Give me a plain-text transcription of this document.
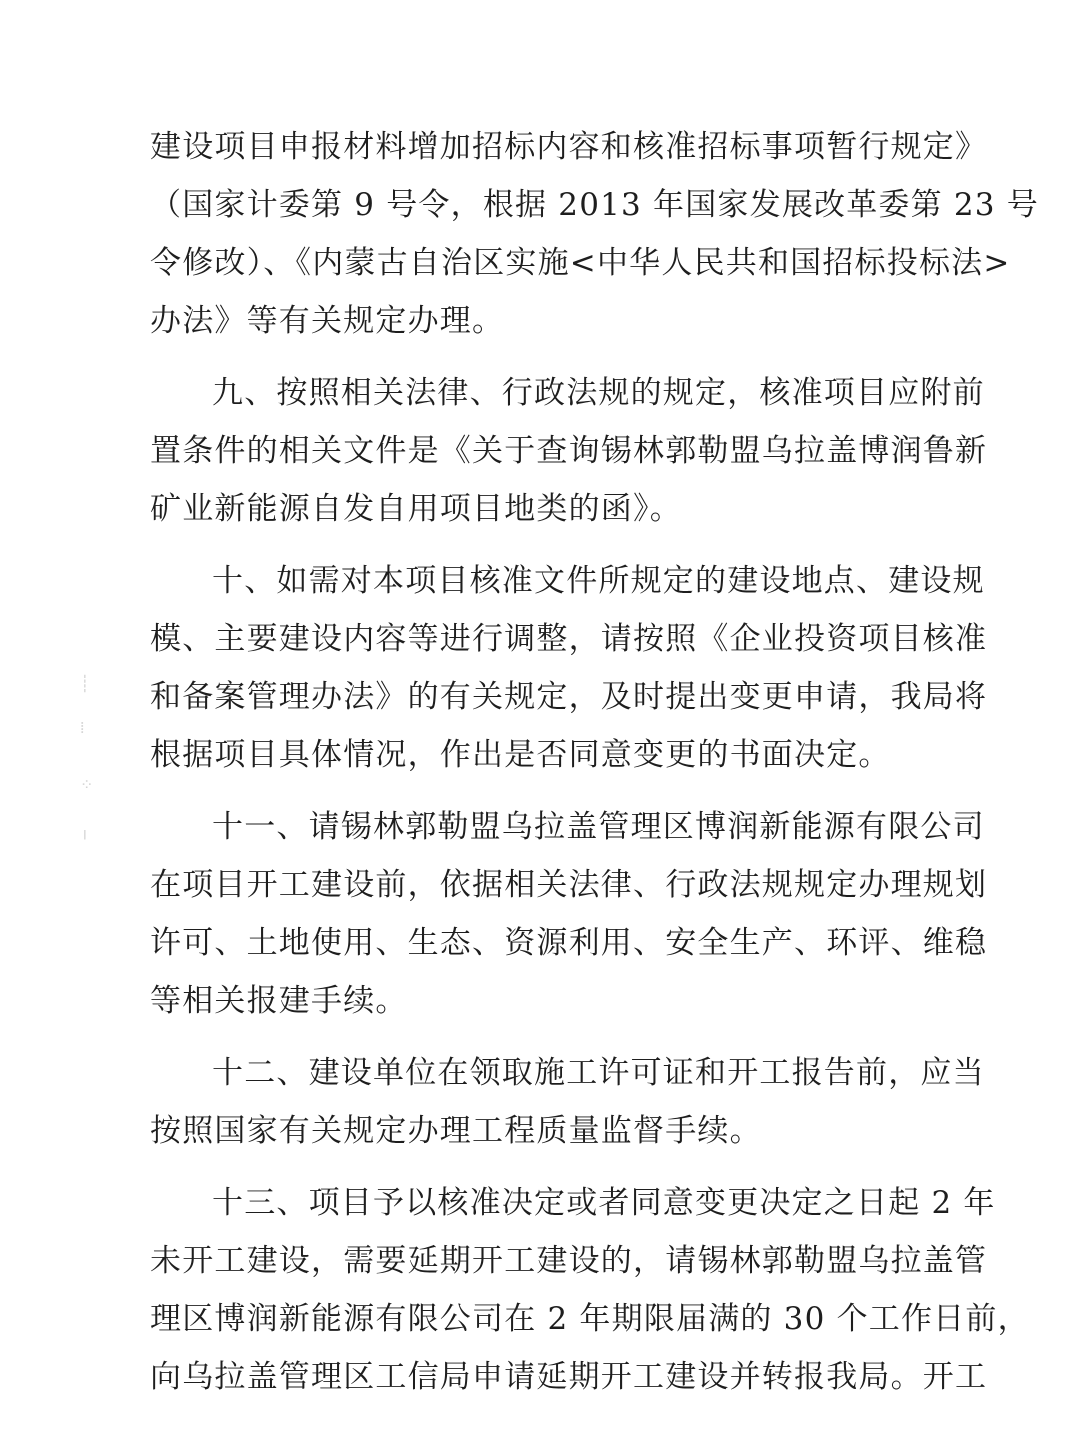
┊
⁞
⁘
╵
建设项目申报材料增加招标内容和核准招标事项暂行规定》
（国家计委第 9 号令，根据 2013 年国家发展改革委第 23 号
令修改）、《内蒙古自治区实施<中华人民共和国招标投标法>
办法》等有关规定办理。
九、按照相关法律、行政法规的规定，核准项目应附前
置条件的相关文件是《关于查询锡林郭勒盟乌拉盖博润鲁新
矿业新能源自发自用项目地类的函》。
十、如需对本项目核准文件所规定的建设地点、建设规
模、主要建设内容等进行调整，请按照《企业投资项目核准
和备案管理办法》的有关规定，及时提出变更申请，我局将
根据项目具体情况，作出是否同意变更的书面决定。
十一、请锡林郭勒盟乌拉盖管理区博润新能源有限公司
在项目开工建设前，依据相关法律、行政法规规定办理规划
许可、土地使用、生态、资源利用、安全生产、环评、维稳
等相关报建手续。
十二、建设单位在领取施工许可证和开工报告前，应当
按照国家有关规定办理工程质量监督手续。
十三、项目予以核准决定或者同意变更决定之日起 2 年
未开工建设，需要延期开工建设的，请锡林郭勒盟乌拉盖管
理区博润新能源有限公司在 2 年期限届满的 30 个工作日前，
向乌拉盖管理区工信局申请延期开工建设并转报我局。开工
